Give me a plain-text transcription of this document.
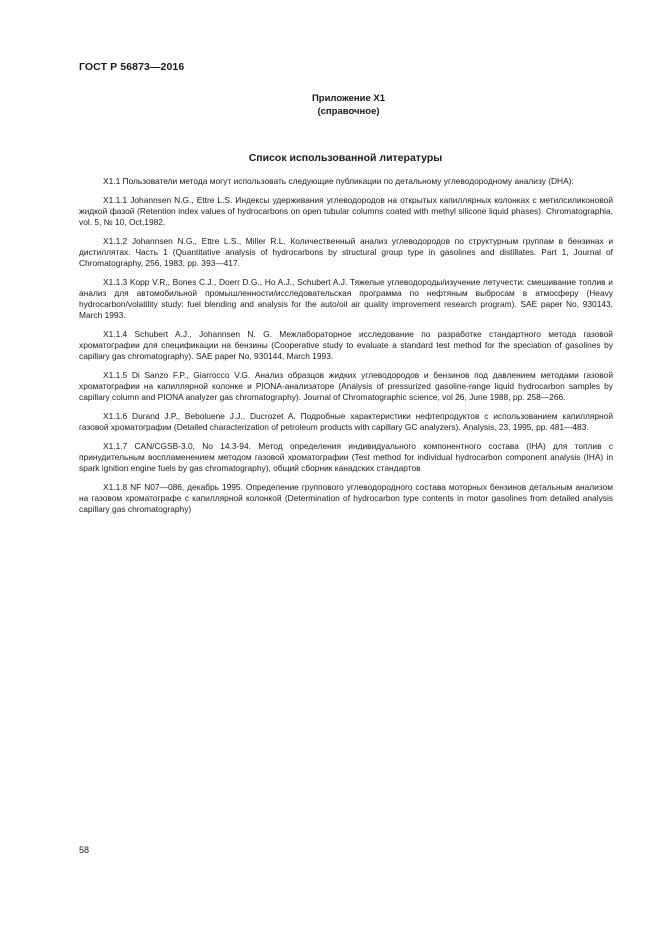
ГОСТ Р 56873—2016
Приложение Х1
(справочное)
Список использованной литературы

Х1.1 Пользователи метода могут использовать следующие публикации по детальному углеводородному анализу (DHA):

Х1.1.1 Johannsen N.G., Ettre L.S. Индексы удерживания углеводородов на открытых капиллярных колонках с метилсиликоновой жидкой фазой (Retention index values of hydrocarbons on open tubular columns coated with methyl silicone liquid phases). Chromatographia, vol. 5, № 10, Oct,1982.

Х1.1.2 Johannsen N.G., Ettre L.S., Miller R.L. Количественный анализ углеводородов по структурным группам в бензинах и дистиллятах. Часть 1 (Quantitative analysis of hydrocarbons by structural group type in gasolines and distillates. Part 1, Journal of Chromatography, 256, 1983, pp. 393—417.

Х1.1.3 Kopp V.R., Bones C.J., Doerr D.G., Ho A.J., Schubert A.J. Тяжелые углеводороды/изучение летучести: смешивание топлив и анализ для автомобильной промышленности/исследовательская программа по нефтяным выбросам в атмосферу (Heavy hydrocarbon/volatility study: fuel blending and analysis for the auto/oil air quality improvement research program). SAE paper No, 930143, March 1993.

Х1.1.4 Schubert A.J., Johannsen N. G. Межлабораторное исследование по разработке стандартного метода газовой хроматографии для спецификации на бензины (Cooperative study to evaluate a standard test method for the speciation of gasolines by capillary gas chromatography). SAE paper No, 930144, March 1993.

Х1.1.5 Di Sanzo F.P., Giarrocco V.G. Анализ образцов жидких углеводородов и бензинов под давлением методами газовой хроматографии на капиллярной колонке и PIONA-анализаторе (Analysis of pressurized gasoline-range liquid hydrocarbon samples by capillary column and PIONA analyzer gas chromatography). Journal of Chromatographic science, vol 26, June 1988, pp. 258—266.

Х1.1.6 Durand J.P., Beboluene J.J., Ducrozet A. Подробные характеристики нефтепродуктов с использованием капиллярной газовой хроматографии (Detailed characterization of petroleum products with capillary GC analyzers). Analysis, 23, 1995, pp. 481—483.

Х1.1.7 CAN/CGSB-3.0, No 14.3-94. Метод определения индивидуального компонентного состава (IHA) для топлив с принудительным воспламенением методом газовой хроматографии (Test method for individual hydrocarbon component analysis (IHA) in spark ignition engine fuels by gas chromatography), общий сборник канадских стандартов

Х1.1.8 NF N07—086, декабрь 1995. Определение группового углеводородного состава моторных бензинов детальным анализом на газовом хроматографе с капиллярной колонкой (Determination of hydrocarbon type contents in motor gasolines from detailed analysis capillary gas chromatography)

58
